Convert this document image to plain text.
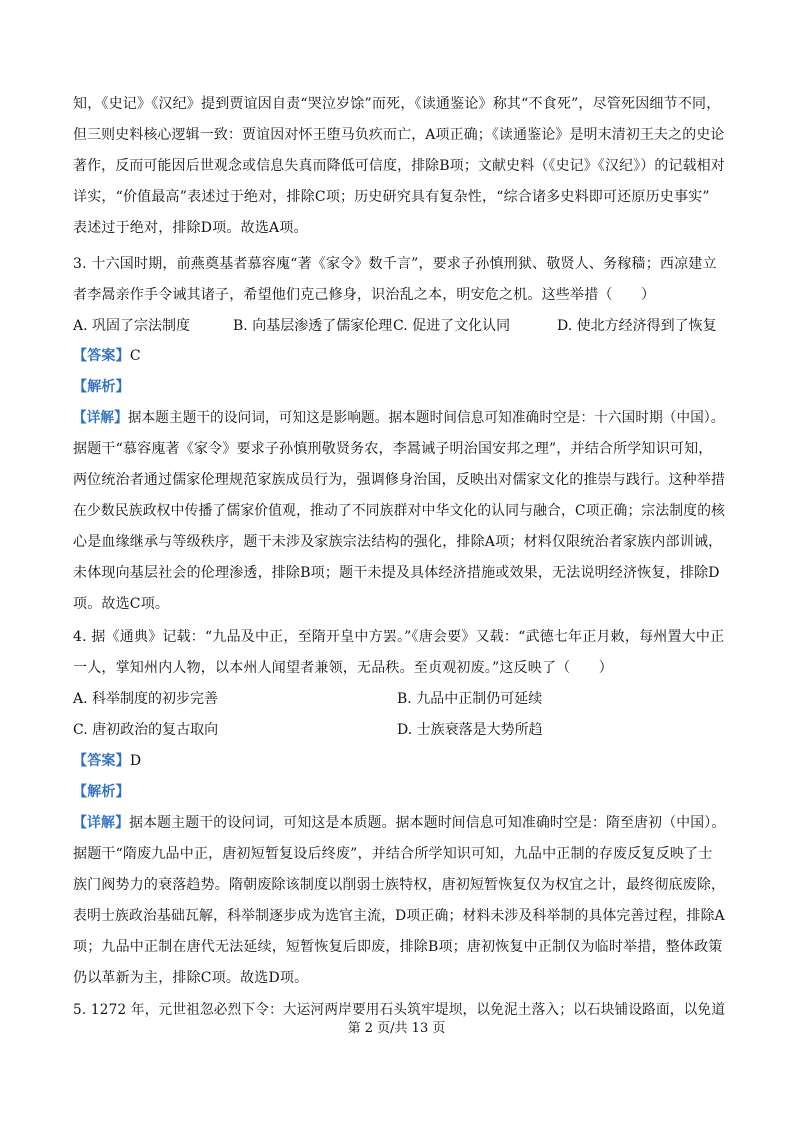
知，《史记》《汉纪》提到贾谊因自责“哭泣岁馀”而死，《读通鉴论》称其“不食死”，尽管死因细节不同，
但三则史料核心逻辑一致：贾谊因对怀王堕马负疚而亡，A项正确；《读通鉴论》是明末清初王夫之的史论
著作，反而可能因后世观念或信息失真而降低可信度，排除B项；文献史料（《史记》《汉纪》）的记载相对
详实，“价值最高”表述过于绝对，排除C项；历史研究具有复杂性，“综合诸多史料即可还原历史事实”
表述过于绝对，排除D项。故选A项。
3. 十六国时期，前燕奠基者慕容廆“著《家令》数千言”，要求子孙慎刑狱、敬贤人、务稼穑；西凉建立
者李暠亲作手令诫其诸子，希望他们克己修身，识治乱之本，明安危之机。这些举措（　　）
A. 巩固了宗法制度	B. 向基层渗透了儒家伦理 C. 促进了文化认同	D. 使北方经济得到了恢复
【答案】C
【解析】
【详解】据本题主题干的设问词，可知这是影响题。据本题时间信息可知准确时空是：十六国时期（中国）。
据题干“慕容廆著《家令》要求子孙慎刑敬贤务农，李暠诫子明治国安邦之理”，并结合所学知识可知，
两位统治者通过儒家伦理规范家族成员行为，强调修身治国，反映出对儒家文化的推崇与践行。这种举措
在少数民族政权中传播了儒家价值观，推动了不同族群对中华文化的认同与融合，C项正确；宗法制度的核
心是血缘继承与等级秩序，题干未涉及家族宗法结构的强化，排除A项；材料仅限统治者家族内部训诫，
未体现向基层社会的伦理渗透，排除B项；题干未提及具体经济措施或效果，无法说明经济恢复，排除D
项。故选C项。
4. 据《通典》记载：“九品及中正，至隋开皇中方罢。”《唐会要》又载：“武德七年正月敕，每州置大中正
一人，掌知州内人物，以本州人闻望者兼领，无品秩。至贞观初废。”这反映了（　　）
A. 科举制度的初步完善	B. 九品中正制仍可延续
C. 唐初政治的复古取向	D. 士族衰落是大势所趋
【答案】D
【解析】
【详解】据本题主题干的设问词，可知这是本质题。据本题时间信息可知准确时空是：隋至唐初（中国）。
据题干“隋废九品中正，唐初短暂复设后终废”，并结合所学知识可知，九品中正制的存废反复反映了士
族门阀势力的衰落趋势。隋朝废除该制度以削弱士族特权，唐初短暂恢复仅为权宜之计，最终彻底废除，
表明士族政治基础瓦解，科举制逐步成为选官主流，D项正确；材料未涉及科举制的具体完善过程，排除A
项；九品中正制在唐代无法延续，短暂恢复后即废，排除B项；唐初恢复中正制仅为临时举措，整体政策
仍以革新为主，排除C项。故选D项。
5. 1272 年，元世祖忽必烈下令：大运河两岸要用石头筑牢堤坝，以免泥土落入；以石块铺设路面，以免道
第 2 页/共 13 页
